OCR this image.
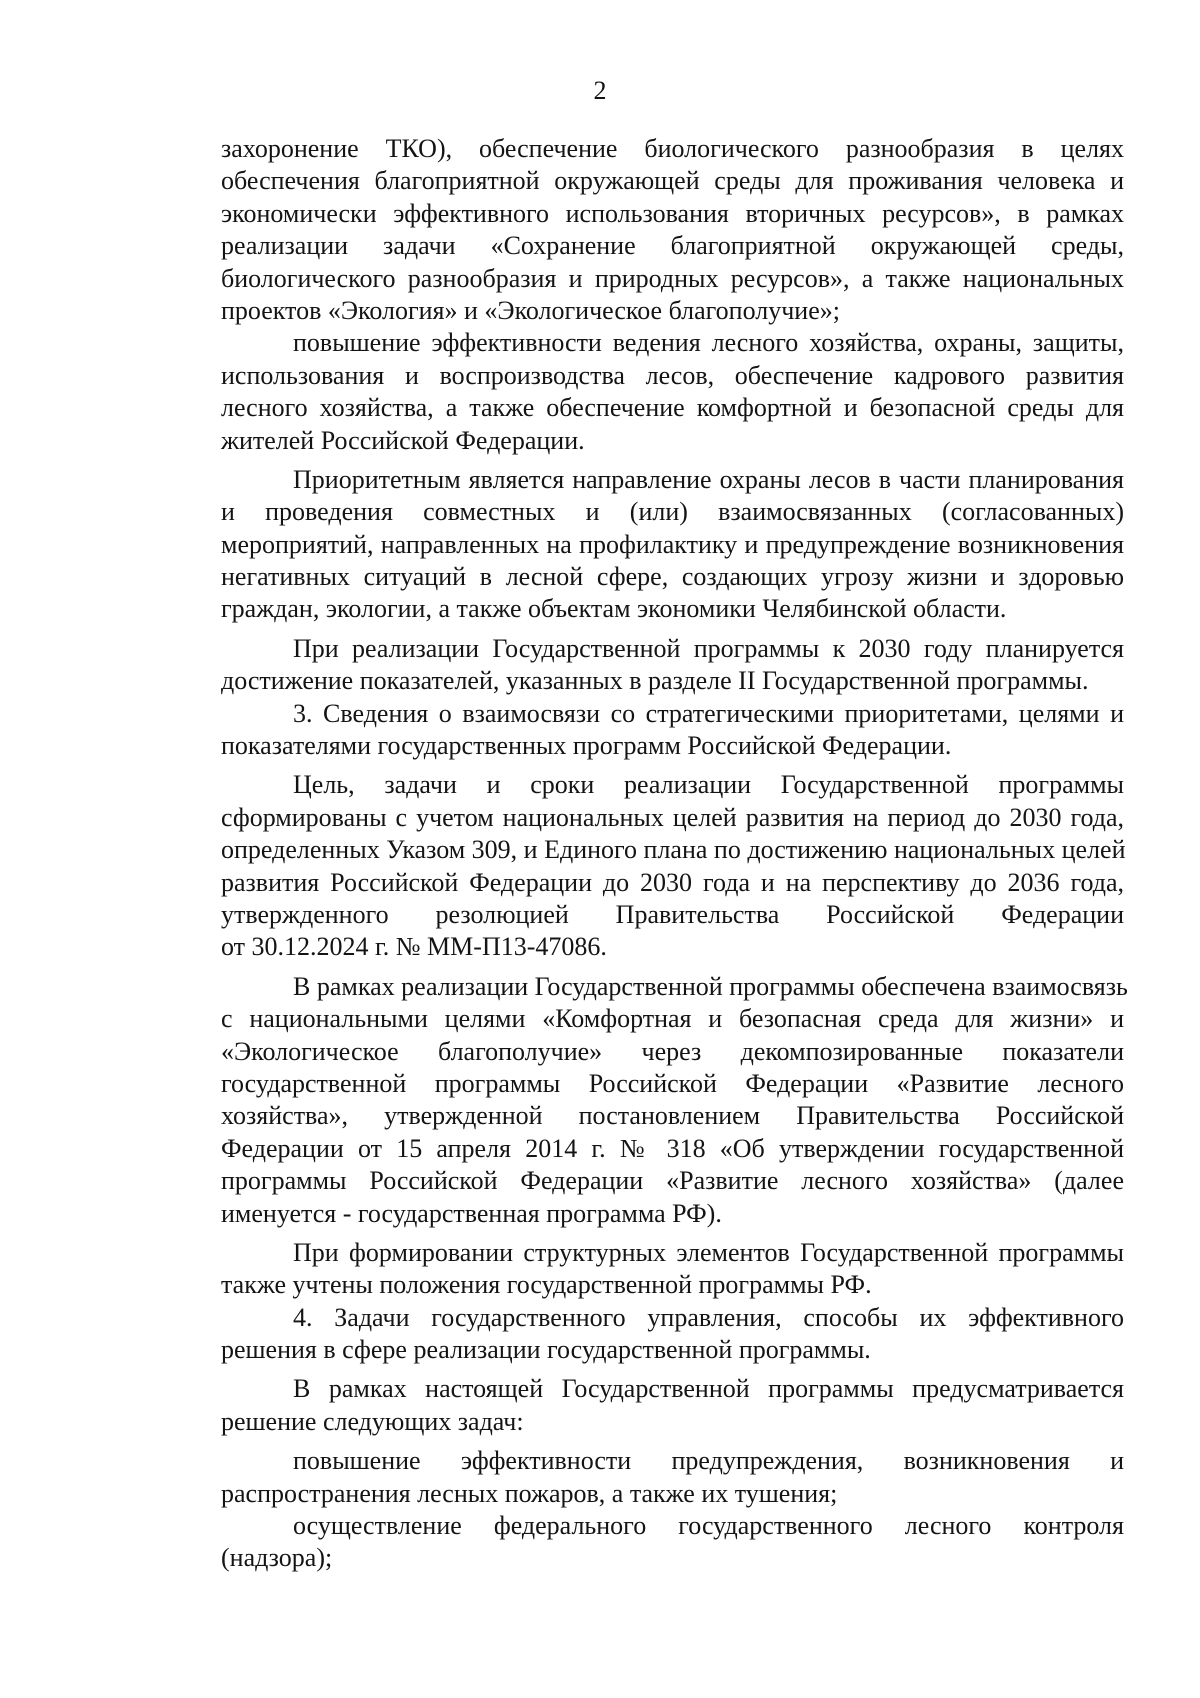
2
захоронение ТКО), обеспечение биологического разнообразия в целях
обеспечения благоприятной окружающей среды для проживания человека и
экономически эффективного использования вторичных ресурсов», в рамках
реализации задачи «Сохранение благоприятной окружающей среды,
биологического разнообразия и природных ресурсов», а также национальных
проектов «Экология» и «Экологическое благополучие»;
повышение эффективности ведения лесного хозяйства, охраны, защиты,
использования и воспроизводства лесов, обеспечение кадрового развития
лесного хозяйства, а также обеспечение комфортной и безопасной среды для
жителей Российской Федерации.
Приоритетным является направление охраны лесов в части планирования
и проведения совместных и (или) взаимосвязанных (согласованных)
мероприятий, направленных на профилактику и предупреждение возникновения
негативных ситуаций в лесной сфере, создающих угрозу жизни и здоровью
граждан, экологии, а также объектам экономики Челябинской области.
При реализации Государственной программы к 2030 году планируется
достижение показателей, указанных в разделе II Государственной программы.
3. Сведения о взаимосвязи со стратегическими приоритетами, целями и
показателями государственных программ Российской Федерации.
Цель, задачи и сроки реализации Государственной программы
сформированы с учетом национальных целей развития на период до 2030 года,
определенных Указом 309, и Единого плана по достижению национальных целей
развития Российской Федерации до 2030 года и на перспективу до 2036 года,
утвержденного резолюцией Правительства Российской Федерации
от 30.12.2024 г. № ММ-П13-47086.
В рамках реализации Государственной программы обеспечена взаимосвязь
с национальными целями «Комфортная и безопасная среда для жизни» и
«Экологическое благополучие» через декомпозированные показатели
государственной программы Российской Федерации «Развитие лесного
хозяйства», утвержденной постановлением Правительства Российской
Федерации от 15 апреля 2014 г. № 318 «Об утверждении государственной
программы Российской Федерации «Развитие лесного хозяйства» (далее
именуется - государственная программа РФ).
При формировании структурных элементов Государственной программы
также учтены положения государственной программы РФ.
4. Задачи государственного управления, способы их эффективного
решения в сфере реализации государственной программы.
В рамках настоящей Государственной программы предусматривается
решение следующих задач:
повышение эффективности предупреждения, возникновения и
распространения лесных пожаров, а также их тушения;
осуществление федерального государственного лесного контроля
(надзора);
